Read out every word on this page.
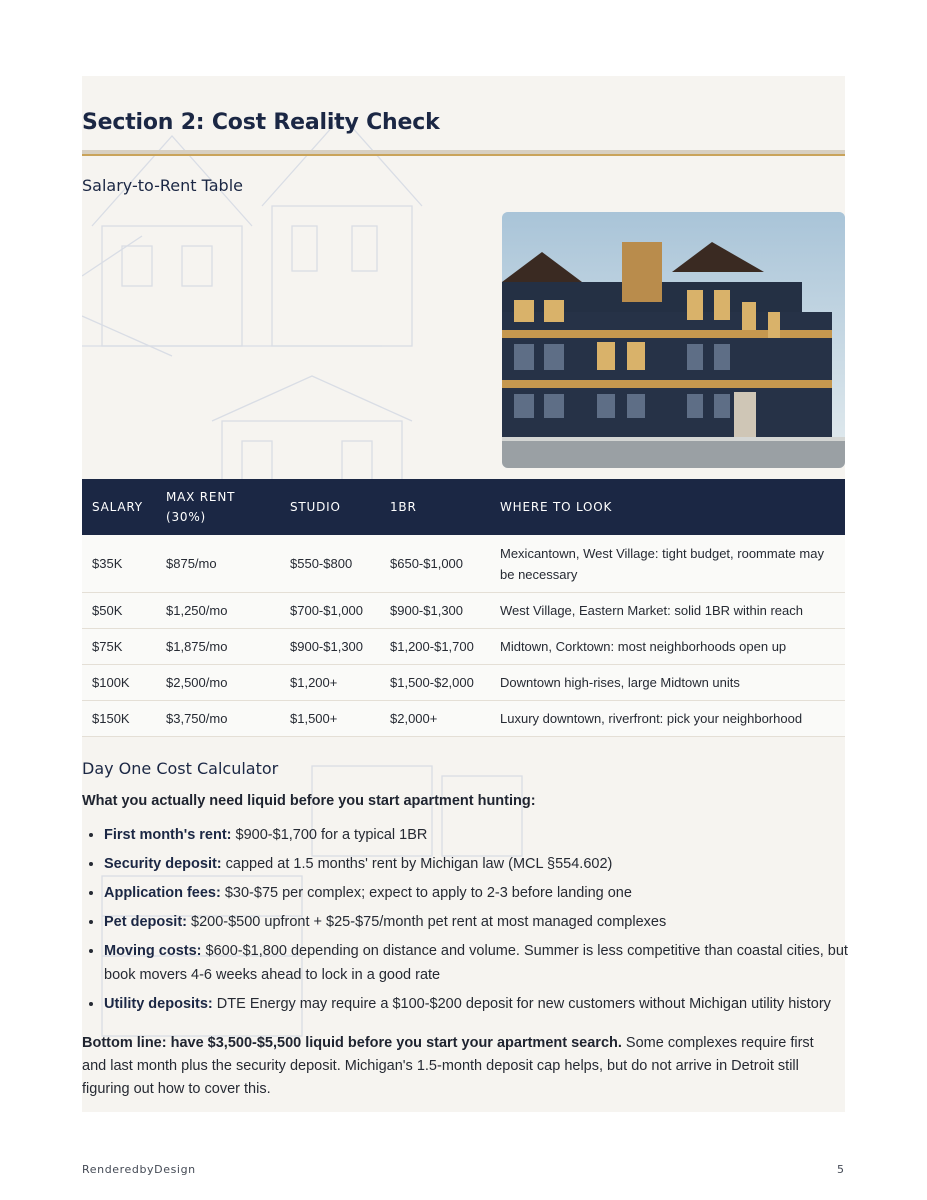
Section 2: Cost Reality Check
Salary-to-Rent Table
SALARY	MAX RENT (30%)	STUDIO	1BR	WHERE TO LOOK
$35K	$875/mo	$550-$800	$650-$1,000	Mexicantown, West Village: tight budget, roommate may be necessary
$50K	$1,250/mo	$700-$1,000	$900-$1,300	West Village, Eastern Market: solid 1BR within reach
$75K	$1,875/mo	$900-$1,300	$1,200-$1,700	Midtown, Corktown: most neighborhoods open up
$100K	$2,500/mo	$1,200+	$1,500-$2,000	Downtown high-rises, large Midtown units
$150K	$3,750/mo	$1,500+	$2,000+	Luxury downtown, riverfront: pick your neighborhood
Day One Cost Calculator

What you actually need liquid before you start apartment hunting:

• First month's rent: $900-$1,700 for a typical 1BR
• Security deposit: capped at 1.5 months' rent by Michigan law (MCL §554.602)
• Application fees: $30-$75 per complex; expect to apply to 2-3 before landing one
• Pet deposit: $200-$500 upfront + $25-$75/month pet rent at most managed complexes
• Moving costs: $600-$1,800 depending on distance and volume. Summer is less competitive than coastal cities, but book movers 4-6 weeks ahead to lock in a good rate
• Utility deposits: DTE Energy may require a $100-$200 deposit for new customers without Michigan utility history

Bottom line: have $3,500-$5,500 liquid before you start your apartment search. Some complexes require first and last month plus the security deposit. Michigan's 1.5-month deposit cap helps, but do not arrive in Detroit still figuring out how to cover this.

RenderedbyDesign	5
